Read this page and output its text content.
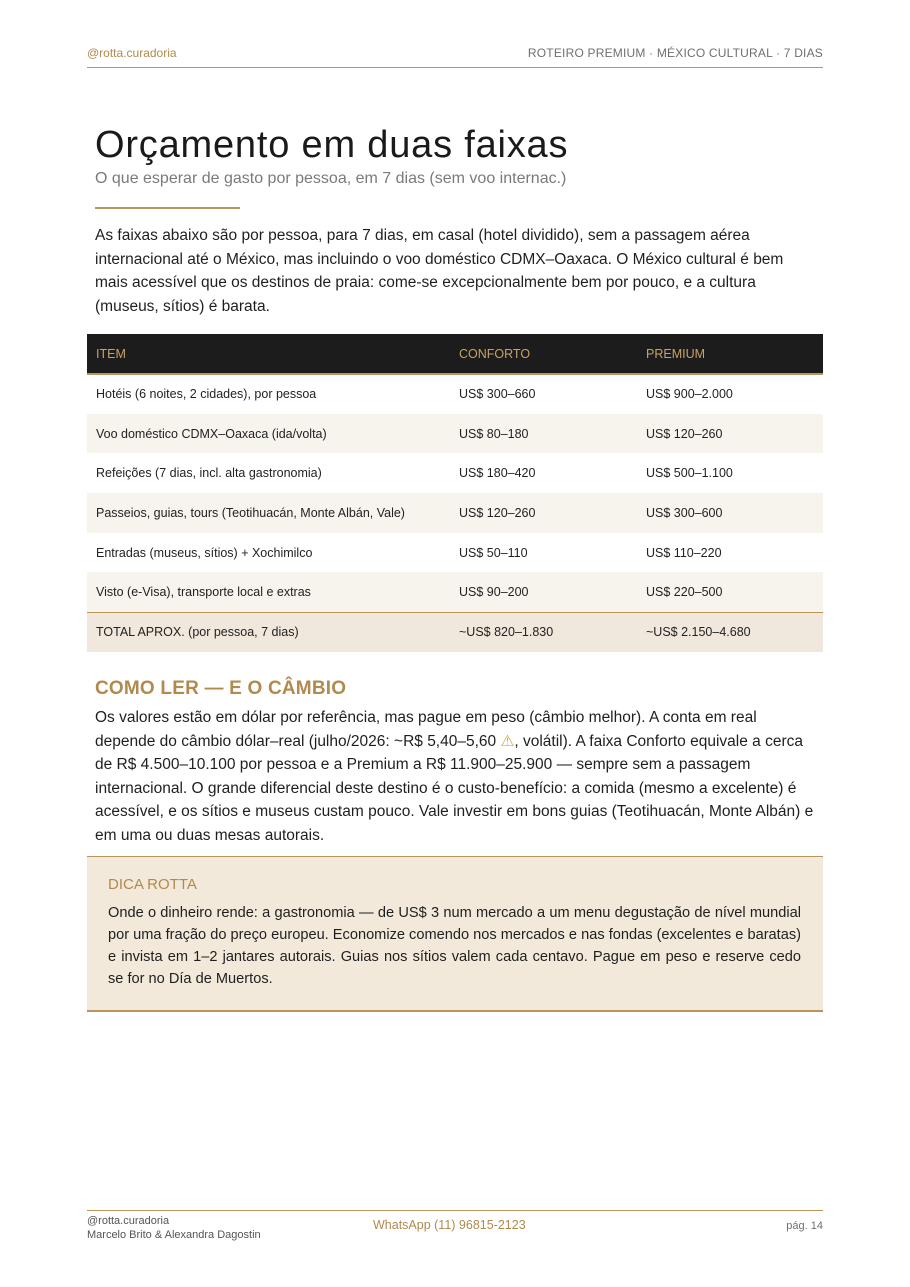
@rotta.curadoria	ROTEIRO PREMIUM · MÉXICO CULTURAL · 7 DIAS
Orçamento em duas faixas
O que esperar de gasto por pessoa, em 7 dias (sem voo internac.)

As faixas abaixo são por pessoa, para 7 dias, em casal (hotel dividido), sem a passagem aérea internacional até o México, mas incluindo o voo doméstico CDMX–Oaxaca. O México cultural é bem mais acessível que os destinos de praia: come-se excepcionalmente bem por pouco, e a cultura (museus, sítios) é barata.

ITEM	CONFORTO	PREMIUM
Hotéis (6 noites, 2 cidades), por pessoa	US$ 300–660	US$ 900–2.000
Voo doméstico CDMX–Oaxaca (ida/volta)	US$ 80–180	US$ 120–260
Refeições (7 dias, incl. alta gastronomia)	US$ 180–420	US$ 500–1.100
Passeios, guias, tours (Teotihuacán, Monte Albán, Vale)	US$ 120–260	US$ 300–600
Entradas (museus, sítios) + Xochimilco	US$ 50–110	US$ 110–220
Visto (e-Visa), transporte local e extras	US$ 90–200	US$ 220–500
TOTAL APROX. (por pessoa, 7 dias)	~US$ 820–1.830	~US$ 2.150–4.680
COMO LER — E O CÂMBIO

Os valores estão em dólar por referência, mas pague em peso (câmbio melhor). A conta em real depende do câmbio dólar–real (julho/2026: ~R$ 5,40–5,60 ⚠, volátil). A faixa Conforto equivale a cerca de R$ 4.500–10.100 por pessoa e a Premium a R$ 11.900–25.900 — sempre sem a passagem internacional. O grande diferencial deste destino é o custo-benefício: a comida (mesmo a excelente) é acessível, e os sítios e museus custam pouco. Vale investir em bons guias (Teotihuacán, Monte Albán) e em uma ou duas mesas autorais.

DICA ROTTA

Onde o dinheiro rende: a gastronomia — de US$ 3 num mercado a um menu degustação de nível mundial por uma fração do preço europeu. Economize comendo nos mercados e nas fondas (excelentes e baratas) e invista em 1–2 jantares autorais. Guias nos sítios valem cada centavo. Pague em peso e reserve cedo se for no Día de Muertos.

@rotta.curadoria
Marcelo Brito & Alexandra Dagostin
WhatsApp (11) 96815-2123	pág. 14
